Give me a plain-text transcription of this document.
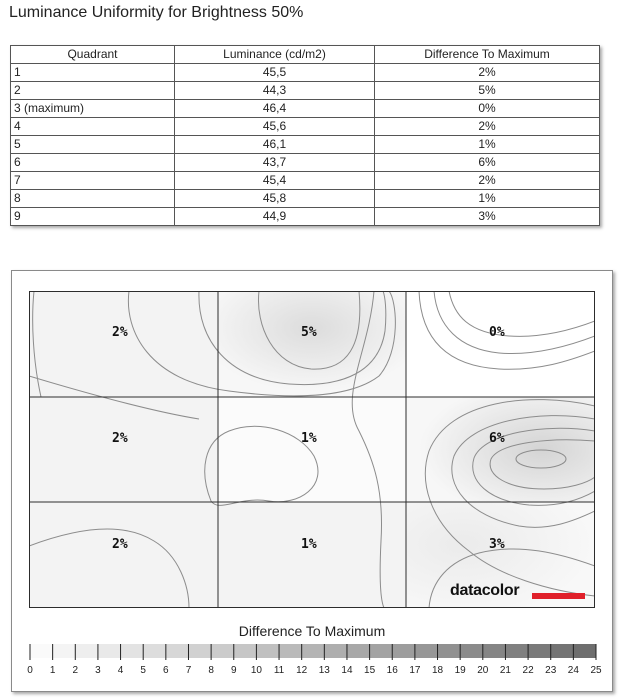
Luminance Uniformity for Brightness 50%
Quadrant	Luminance (cd/m2)	Difference To Maximum
1	45,5	2%
2	44,3	5%
3 (maximum)	46,4	0%
4	45,6	2%
5	46,1	1%
6	43,7	6%
7	45,4	2%
8	45,8	1%
9	44,9	3%
2%	5%	0%
2%	1%	6%
2%	1%	3%
datacolor
Difference To Maximum
0 1 2 3 4 5 6 7 8 9 10 11 12 13 14 15 16 17 18 19 20 21 22 23 24 25
